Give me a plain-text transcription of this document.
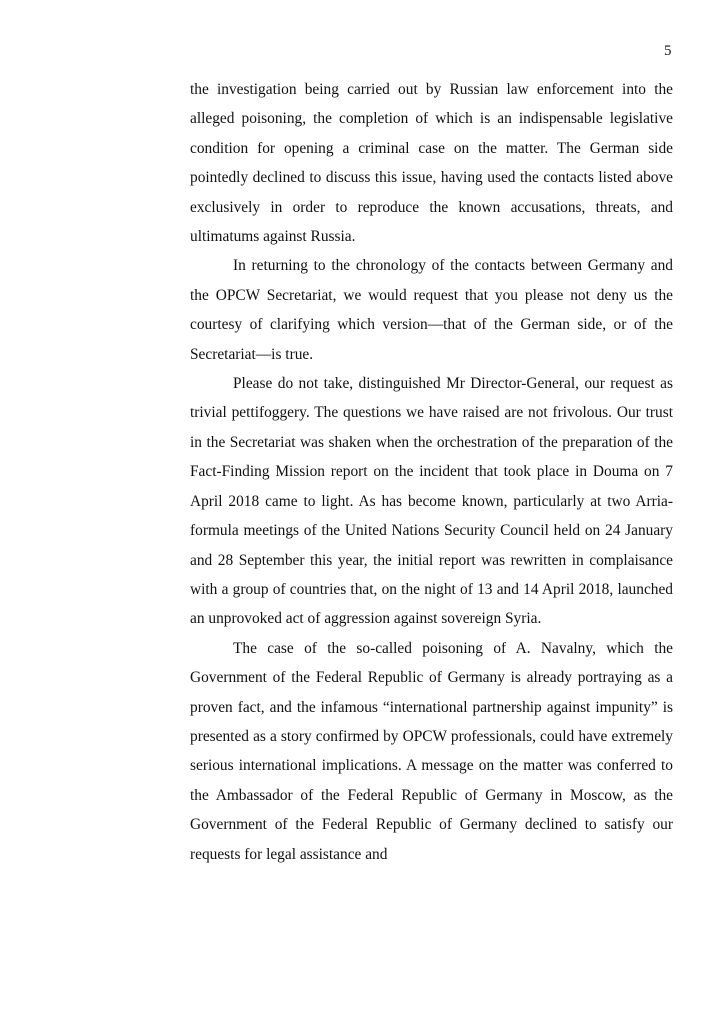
5

the investigation being carried out by Russian law enforcement into the alleged poisoning, the completion of which is an indispensable legislative condition for opening a criminal case on the matter. The German side pointedly declined to discuss this issue, having used the contacts listed above exclusively in order to reproduce the known accusations, threats, and ultimatums against Russia.

In returning to the chronology of the contacts between Germany and the OPCW Secretariat, we would request that you please not deny us the courtesy of clarifying which version—that of the German side, or of the Secretariat—is true.

Please do not take, distinguished Mr Director-General, our request as trivial pettifoggery. The questions we have raised are not frivolous. Our trust in the Secretariat was shaken when the orchestration of the preparation of the Fact-Finding Mission report on the incident that took place in Douma on 7 April 2018 came to light. As has become known, particularly at two Arria-formula meetings of the United Nations Security Council held on 24 January and 28 September this year, the initial report was rewritten in complaisance with a group of countries that, on the night of 13 and 14 April 2018, launched an unprovoked act of aggression against sovereign Syria.

The case of the so-called poisoning of A. Navalny, which the Government of the Federal Republic of Germany is already portraying as a proven fact, and the infamous “international partnership against impunity” is presented as a story confirmed by OPCW professionals, could have extremely serious international implications. A message on the matter was conferred to the Ambassador of the Federal Republic of Germany in Moscow, as the Government of the Federal Republic of Germany declined to satisfy our requests for legal assistance and
